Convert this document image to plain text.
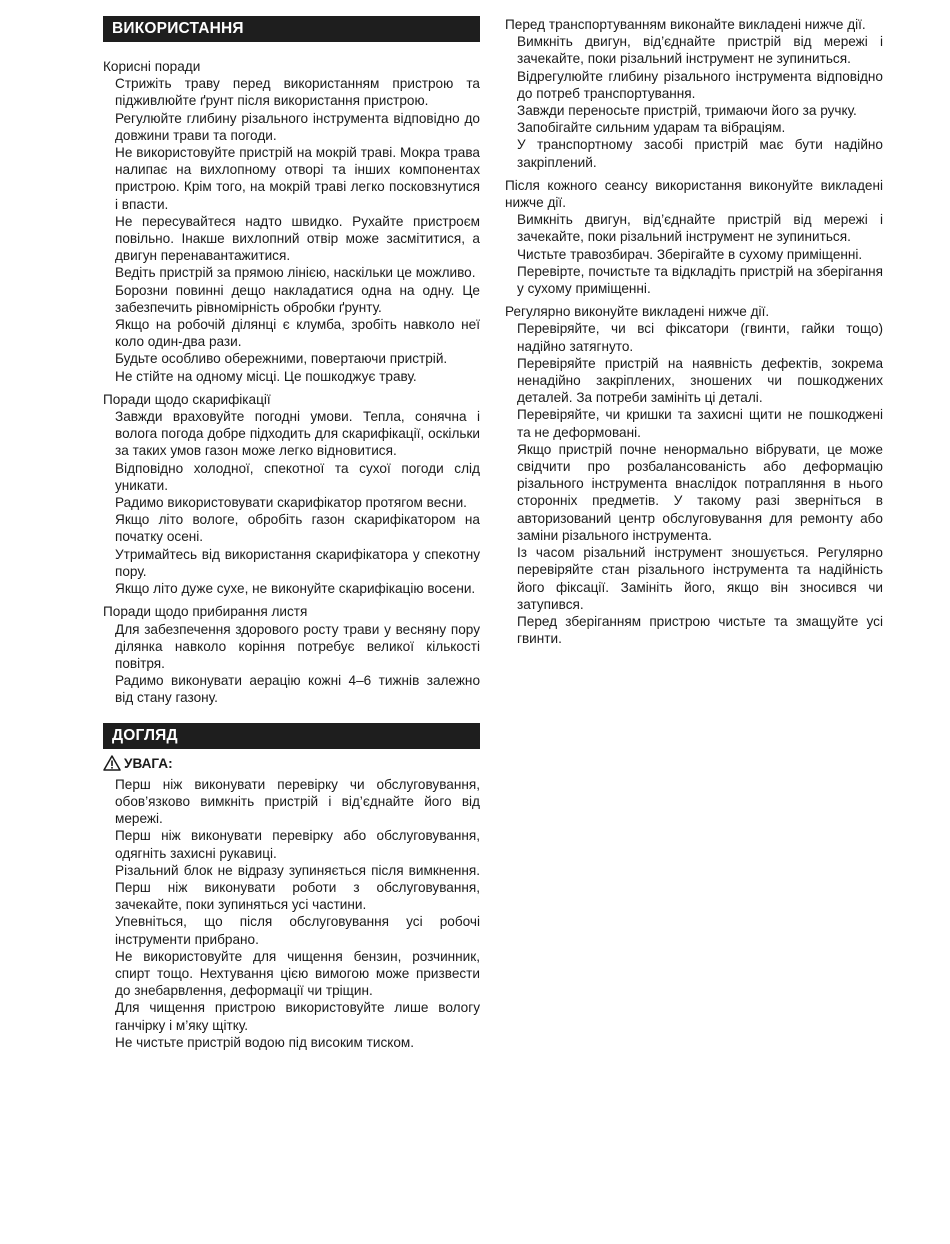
ВИКОРИСТАННЯ
Корисні поради
Стрижіть траву перед використанням пристрою та підживлюйте ґрунт після використання пристрою.
Регулюйте глибину різального інструмента відповідно до довжини трави та погоди.
Не використовуйте пристрій на мокрій траві. Мокра трава налипає на вихлопному отворі та інших компонентах пристрою. Крім того, на мокрій траві легко посковзнутися і впасти.
Не пересувайтеся надто швидко. Рухайте пристроєм повільно. Інакше вихлопний отвір може засмітитися, а двигун перенавантажитися.
Ведіть пристрій за прямою лінією, наскільки це можливо.
Борозни повинні дещо накладатися одна на одну. Це забезпечить рівномірність обробки ґрунту.
Якщо на робочій ділянці є клумба, зробіть навколо неї коло один-два рази.
Будьте особливо обережними, повертаючи пристрій.
Не стійте на одному місці. Це пошкоджує траву.
Поради щодо скарифікації
Завжди враховуйте погодні умови. Тепла, сонячна і волога погода добре підходить для скарифікації, оскільки за таких умов газон може легко відновитися.
Відповідно холодної, спекотної та сухої погоди слід уникати.
Радимо використовувати скарифікатор протягом весни.
Якщо літо вологе, обробіть газон скарифікатором на початку осені.
Утримайтесь від використання скарифікатора у спекотну пору.
Якщо літо дуже сухе, не виконуйте скарифікацію восени.
Поради щодо прибирання листя
Для забезпечення здорового росту трави у весняну пору ділянка навколо коріння потребує великої кількості повітря.
Радимо виконувати аерацію кожні 4–6 тижнів залежно від стану газону.
ДОГЛЯД
УВАГА:
Перш ніж виконувати перевірку чи обслуговування, обов’язково вимкніть пристрій і від’єднайте його від мережі.
Перш ніж виконувати перевірку або обслуговування, одягніть захисні рукавиці.
Різальний блок не відразу зупиняється після вимкнення. Перш ніж виконувати роботи з обслуговування, зачекайте, поки зупиняться усі частини.
Упевніться, що після обслуговування усі робочі інструменти прибрано.
Не використовуйте для чищення бензин, розчинник, спирт тощо. Нехтування цією вимогою може призвести до знебарвлення, деформації чи тріщин.
Для чищення пристрою використовуйте лише вологу ганчірку і м’яку щітку.
Не чистьте пристрій водою під високим тиском.
Перед транспортуванням виконайте викладені нижче дії.
Вимкніть двигун, від’єднайте пристрій від мережі і зачекайте, поки різальний інструмент не зупиниться.
Відрегулюйте глибину різального інструмента відповідно до потреб транспортування.
Завжди переносьте пристрій, тримаючи його за ручку.
Запобігайте сильним ударам та вібраціям.
У транспортному засобі пристрій має бути надійно закріплений.
Після кожного сеансу використання виконуйте викладені нижче дії.
Вимкніть двигун, від’єднайте пристрій від мережі і зачекайте, поки різальний інструмент не зупиниться.
Чистьте травозбирач. Зберігайте в сухому приміщенні.
Перевірте, почистьте та відкладіть пристрій на зберігання у сухому приміщенні.
Регулярно виконуйте викладені нижче дії.
Перевіряйте, чи всі фіксатори (гвинти, гайки тощо) надійно затягнуто.
Перевіряйте пристрій на наявність дефектів, зокрема ненадійно закріплених, зношених чи пошкоджених деталей. За потреби замініть ці деталі.
Перевіряйте, чи кришки та захисні щити не пошкоджені та не деформовані.
Якщо пристрій почне ненормально вібрувати, це може свідчити про розбалансованість або деформацію різального інструмента внаслідок потрапляння в нього сторонніх предметів. У такому разі зверніться в авторизований центр обслуговування для ремонту або заміни різального інструмента.
Із часом різальний інструмент зношується. Регулярно перевіряйте стан різального інструмента та надійність його фіксації. Замініть його, якщо він зносився чи затупився.
Перед зберіганням пристрою чистьте та змащуйте усі гвинти.
